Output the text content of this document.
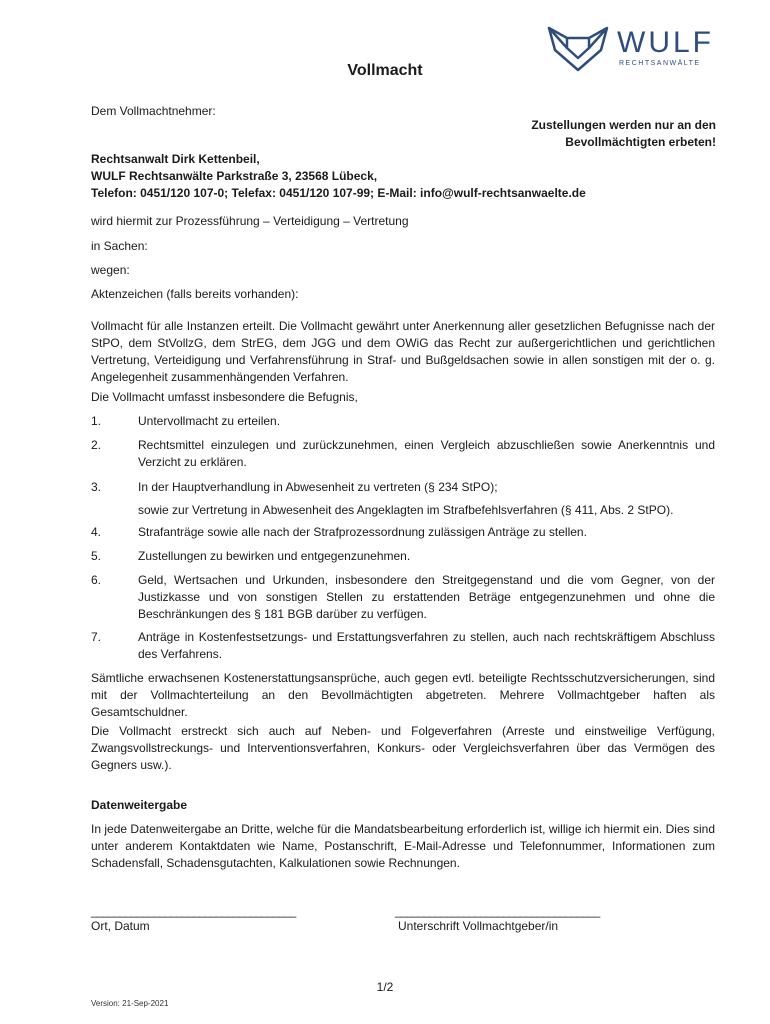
WULF
RECHTSANWÄLTE
Vollmacht
Dem Vollmachtnehmer:
Zustellungen werden nur an den
Bevollmächtigten erbeten!
Rechtsanwalt Dirk Kettenbeil,
WULF Rechtsanwälte Parkstraße 3, 23568 Lübeck,
Telefon: 0451/120 107-0; Telefax: 0451/120 107-99; E-Mail: info@wulf-rechtsanwaelte.de
wird hiermit zur Prozessführung – Verteidigung – Vertretung
in Sachen:
wegen:
Aktenzeichen (falls bereits vorhanden):
Vollmacht für alle Instanzen erteilt. Die Vollmacht gewährt unter Anerkennung aller gesetzlichen Befugnisse nach der StPO, dem StVollzG, dem StrEG, dem JGG und dem OWiG das Recht zur außergerichtlichen und gerichtlichen Vertretung, Verteidigung und Verfahrensführung in Straf- und Bußgeldsachen sowie in allen sonstigen mit der o. g. Angelegenheit zusammenhängenden Verfahren.
Die Vollmacht umfasst insbesondere die Befugnis,
1.	Untervollmacht zu erteilen.
2.	Rechtsmittel einzulegen und zurückzunehmen, einen Vergleich abzuschließen sowie Anerkenntnis und Verzicht zu erklären.
3.	In der Hauptverhandlung in Abwesenheit zu vertreten (§ 234 StPO);
sowie zur Vertretung in Abwesenheit des Angeklagten im Strafbefehlsverfahren (§ 411, Abs. 2 StPO).
4.	Strafanträge sowie alle nach der Strafprozessordnung zulässigen Anträge zu stellen.
5.	Zustellungen zu bewirken und entgegenzunehmen.
6.	Geld, Wertsachen und Urkunden, insbesondere den Streitgegenstand und die vom Gegner, von der Justizkasse und von sonstigen Stellen zu erstattenden Beträge entgegenzunehmen und ohne die Beschränkungen des § 181 BGB darüber zu verfügen.
7.	Anträge in Kostenfestsetzungs- und Erstattungsverfahren zu stellen, auch nach rechtskräftigem Abschluss des Verfahrens.
Sämtliche erwachsenen Kostenerstattungsansprüche, auch gegen evtl. beteiligte Rechtsschutzversicherungen, sind mit der Vollmachterteilung an den Bevollmächtigten abgetreten. Mehrere Vollmachtgeber haften als Gesamtschuldner.
Die Vollmacht erstreckt sich auch auf Neben- und Folgeverfahren (Arreste und einstweilige Verfügung, Zwangsvollstreckungs- und Interventionsverfahren, Konkurs- oder Vergleichsverfahren über das Vermögen des Gegners usw.).
Datenweitergabe
In jede Datenweitergabe an Dritte, welche für die Mandatsbearbeitung erforderlich ist, willige ich hiermit ein. Dies sind unter anderem Kontaktdaten wie Name, Postanschrift, E-Mail-Adresse und Telefonnummer, Informationen zum Schadensfall, Schadensgutachten, Kalkulationen sowie Rechnungen.
____________________________________	____________________________________
Ort, Datum	Unterschrift Vollmachtgeber/in
1/2
Version: 21-Sep-2021
